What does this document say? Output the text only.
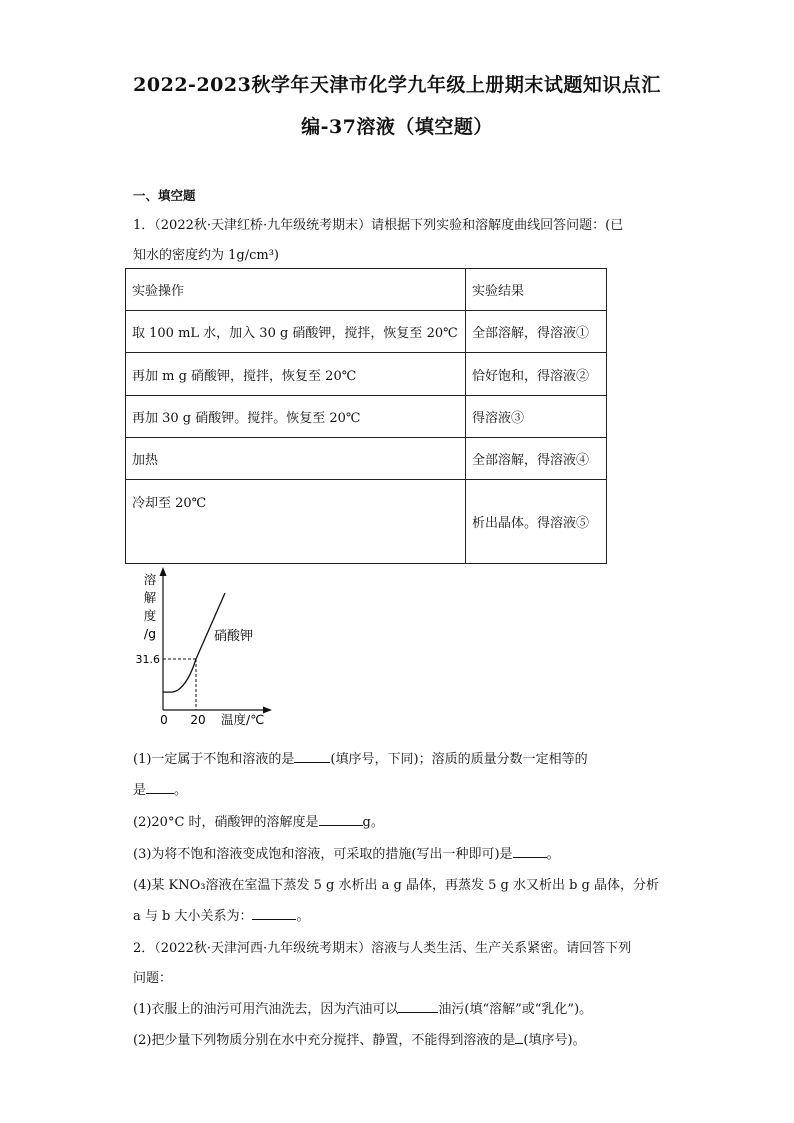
2022-2023秋学年天津市化学九年级上册期末试题知识点汇
编-37溶液（填空题）
一、填空题
1．（2022秋·天津红桥·九年级统考期末）请根据下列实验和溶解度曲线回答问题：(已
知水的密度约为 1g/cm³)
实验操作	实验结果
取 100 mL 水，加入 30 g 硝酸钾，搅拌，恢复至 20℃	全部溶解，得溶液①
再加 m g 硝酸钾，搅拌，恢复至 20℃	恰好饱和，得溶液②
再加 30 g 硝酸钾。搅拌。恢复至 20℃	得溶液③
加热	全部溶解，得溶液④
冷却至 20℃	析出晶体。得溶液⑤
溶
解
度
/g	硝酸钾
31.6
0 20 温度/℃
(1)一定属于不饱和溶液的是	(填序号，下同)；溶质的质量分数一定相等的
是 。
(2)20°C 时，硝酸钾的溶解度是	g。
(3)为将不饱和溶液变成饱和溶液，可采取的措施(写出一种即可)是	。
(4)某 KNO₃溶液在室温下蒸发 5 g 水析出 a g 晶体，再蒸发 5 g 水又析出 b g 晶体，分析
a 与 b 大小关系为：	。
2．（2022秋·天津河西·九年级统考期末）溶液与人类生活、生产关系紧密。请回答下列
问题：
(1)衣服上的油污可用汽油洗去，因为汽油可以	油污(填“溶解”或“乳化”)。
(2)把少量下列物质分别在水中充分搅拌、静置，不能得到溶液的是 (填序号)。
